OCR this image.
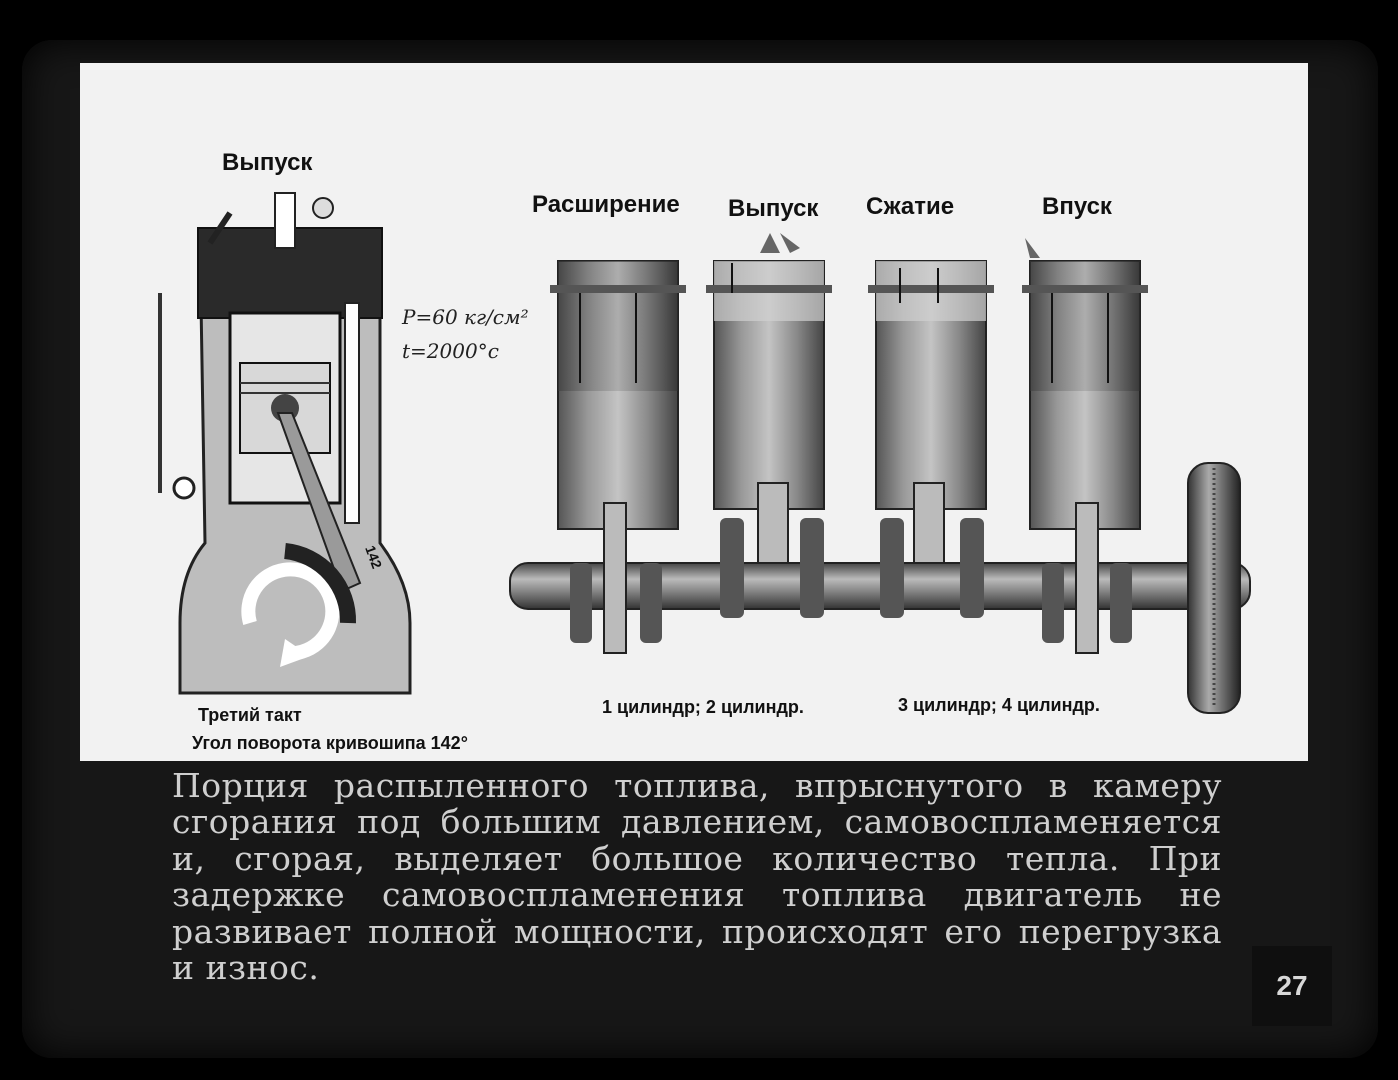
Выпуск
142
P=60 кг/см²
t=2000°c
Расширение Выпуск Сжатие	Впуск
1 цилиндр; 2 цилиндр.	3 цилиндр; 4 цилиндр.
Третий такт
Угол поворота кривошипа 142°
Порция распыленного топлива, впрыснутого в камеру сгорания под большим давлением, самовоспламеняется и, сгорая, выделяет большое количество тепла. При задержке самовоспламенения топлива двигатель не развивает полной мощности, происходят его перегрузка и износ.	27
